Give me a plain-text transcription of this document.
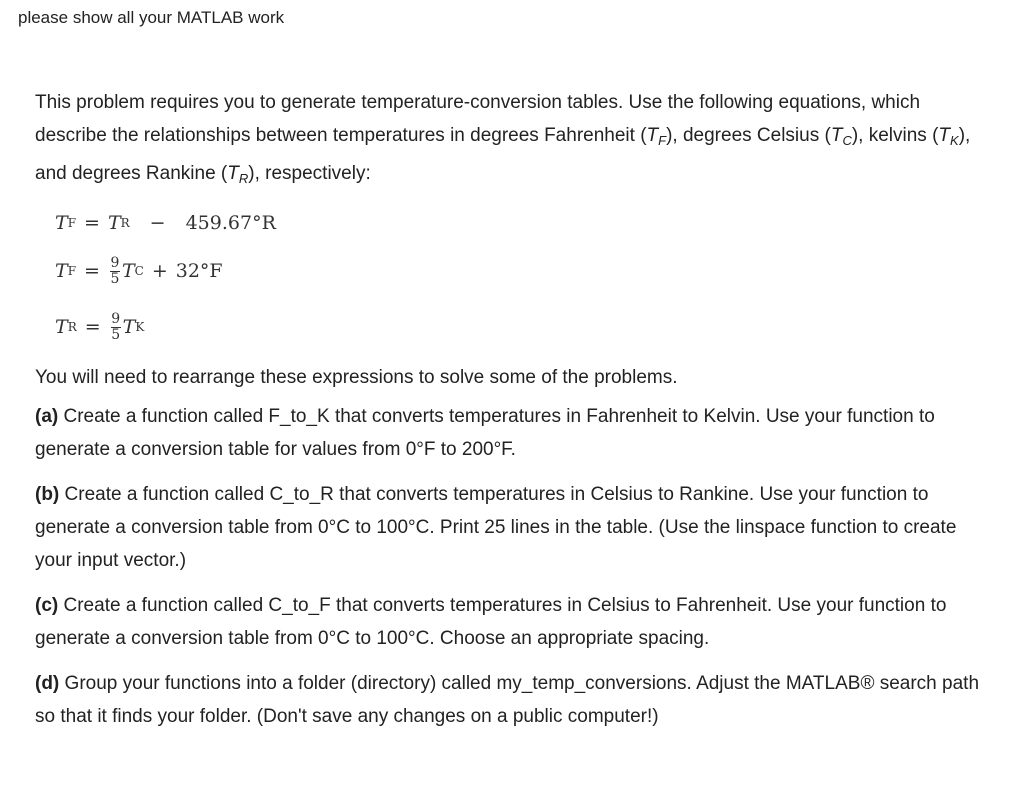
please show all your MATLAB work

This problem requires you to generate temperature-conversion tables. Use the following equations, which describe the relationships between temperatures in degrees Fahrenheit $(T_F)$, degrees Celsius $(T_C)$, kelvins $(T_K)$, and degrees Rankine $(T_R)$, respectively:

T F = T R − 459.67°R
T $F = \frac{9}{5}$ T C + 32°F
T $R = \frac{9}{5}$ T K

You will need to rearrange these expressions to solve some of the problems.

(a) Create a function called F_to_K that converts temperatures in Fahrenheit to Kelvin. Use your function to generate a conversion table for values from 0°F to 200°F.

(b) Create a function called C_to_R that converts temperatures in Celsius to Rankine. Use your function to generate a conversion table from 0°C to 100°C. Print 25 lines in the table. (Use the linspace function to create your input vector.)

(c) Create a function called C_to_F that converts temperatures in Celsius to Fahrenheit. Use your function to generate a conversion table from 0°C to 100°C. Choose an appropriate spacing.

(d) Group your functions into a folder (directory) called my_temp_conversions. Adjust the MATLAB® search path so that it finds your folder. (Don't save any changes on a public computer!)
